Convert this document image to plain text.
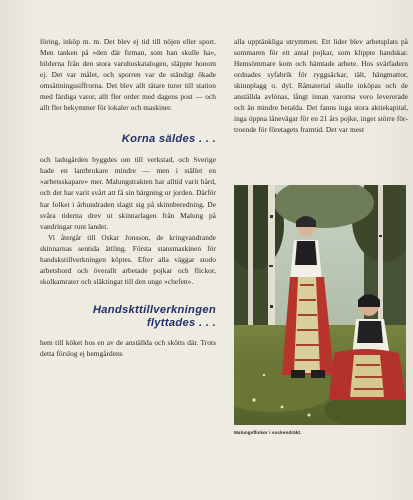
föring, inköp m. m. Det blev ej tid till nöjen eller sport. Men tanken på »den där firman, som han skulle ha», bilderna från den stora varuhuskatalogen, släppte honom ej. Det var målet, och sporren var de ständigt ökade omsättningssiffrorna. Det blev allt tätare turer till station med färdiga varor, allt fler order med dagens post — och allt fler bekymmer för lokaler och maskiner.

Korna säldes . . .

och ladugården byggdes om till verkstad, och Sverige hade en lantbrukare mindre — men i stället en »arbetsskapare» mer. Malungstrakten har alltid varit hård, och det har varit svårt att få sin bärgning ur jorden. Därför har folket i århundraden slagit sig på skinnberedning. De svåra tiderna drev ut skinnarlagen från Malung på vandringar runt landet.

Vi återgår till Oskar Jonsson, de kringvandrande skinnarnas sentida ättling. Första stansmaskinen för handskstillverkningen köptes. Efter alla väggar stodo arbetsbord och överallt arbetade pojkar och flickor, skolkamrater och släktingar till den unge »chefen».

Handskttillverkningen
flyttades . . .

hem till köket hos en av de anställda och skötts där. Trots detta förslog ej hemgårdens

alla upptänkliga utrymmen. Ett lider blev arbetsplats på sommaren för ett antal pojkar, som klippte handskar. Hemsömmare kom och hämtade arbete. Hos svärfadern ordnades syfabrik för ryggsäckar, tält, hängmattor, skinnplagg o. dyl. Råmaterial skulle inköpas och de anställda avlönas, långt innan varorna voro levererade och än mindre betalda. Det fanns inga stora aktiekapital, inga öppna lånevägar för en 21 års pojke, inget större förtroende för företagets framtid. Det var mest

Malungsflickor i sockendräkt.
